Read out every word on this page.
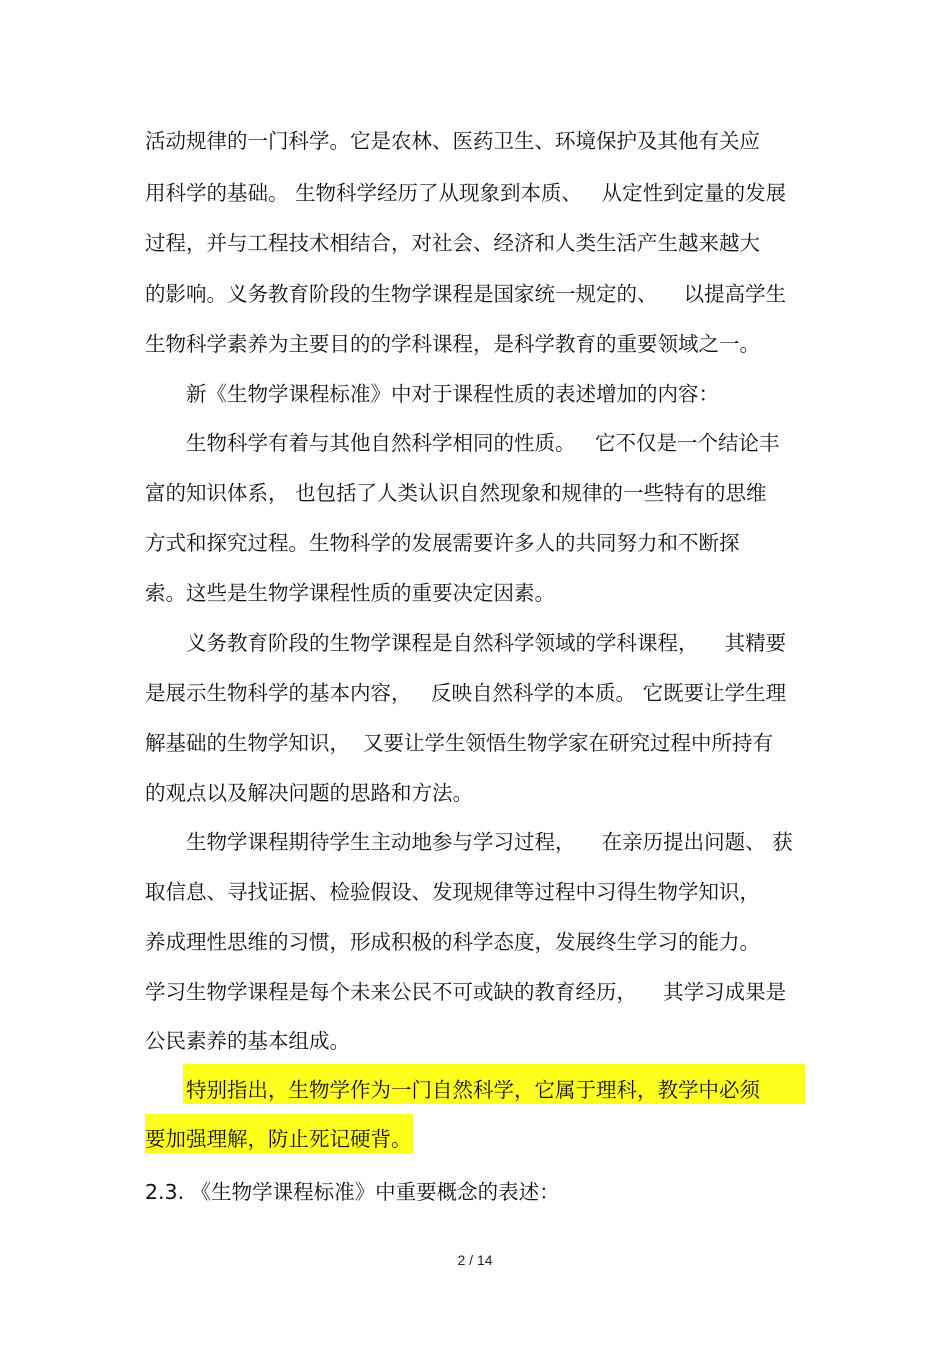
活动规律的一门科学。它是农林、医药卫生、环境保护及其他有关应
用科学的基础。 生物科学经历了从现象到本质、   从定性到定量的发展
过程，并与工程技术相结合，对社会、经济和人类生活产生越来越大
的影响。义务教育阶段的生物学课程是国家统一规定的、    以提高学生
生物科学素养为主要目的的学科课程，是科学教育的重要领域之一。
新《生物学课程标准》中对于课程性质的表述增加的内容：
生物科学有着与其他自然科学相同的性质。   它不仅是一个结论丰
富的知识体系， 也包括了人类认识自然现象和规律的一些特有的思维
方式和探究过程。生物科学的发展需要许多人的共同努力和不断探
索。这些是生物学课程性质的重要决定因素。
义务教育阶段的生物学课程是自然科学领域的学科课程，    其精要
是展示生物科学的基本内容，   反映自然科学的本质。 它既要让学生理
解基础的生物学知识，  又要让学生领悟生物学家在研究过程中所持有
的观点以及解决问题的思路和方法。
生物学课程期待学生主动地参与学习过程，    在亲历提出问题、 获
取信息、寻找证据、检验假设、发现规律等过程中习得生物学知识，
养成理性思维的习惯，形成积极的科学态度，发展终生学习的能力。
学习生物学课程是每个未来公民不可或缺的教育经历，    其学习成果是
公民素养的基本组成。
特别指出，生物学作为一门自然科学，它属于理科，教学中必须
要加强理解，防止死记硬背。
2.3. 《生物学课程标准》中重要概念的表述：
2 / 14
